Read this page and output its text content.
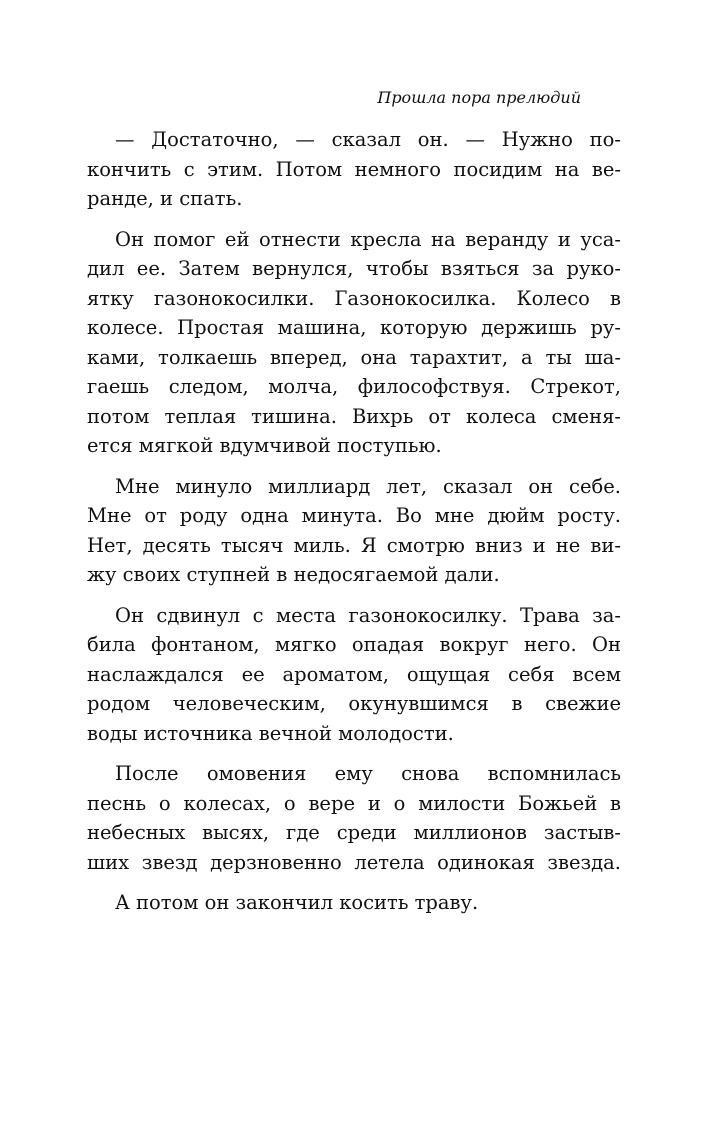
Прошла пора прелюдий

— Достаточно, — сказал он. — Нужно по-
кончить с этим. Потом немного посидим на ве-
ранде, и спать.

Он помог ей отнести кресла на веранду и уса-
дил ее. Затем вернулся, чтобы взяться за руко-
ятку газонокосилки. Газонокосилка. Колесо в
колесе. Простая машина, которую держишь ру-
ками, толкаешь вперед, она тарахтит, а ты ша-
гаешь следом, молча, философствуя. Стрекот,
потом теплая тишина. Вихрь от колеса сменя-
ется мягкой вдумчивой поступью.

Мне минуло миллиард лет, сказал он себе.
Мне от роду одна минута. Во мне дюйм росту.
Нет, десять тысяч миль. Я смотрю вниз и не ви-
жу своих ступней в недосягаемой дали.

Он сдвинул с места газонокосилку. Трава за-
била фонтаном, мягко опадая вокруг него. Он
наслаждался ее ароматом, ощущая себя всем
родом человеческим, окунувшимся в свежие
воды источника вечной молодости.

После омовения ему снова вспомнилась
песнь о колесах, о вере и о милости Божьей в
небесных высях, где среди миллионов застыв-
ших звезд дерзновенно летела одинокая звезда.

А потом он закончил косить траву.
